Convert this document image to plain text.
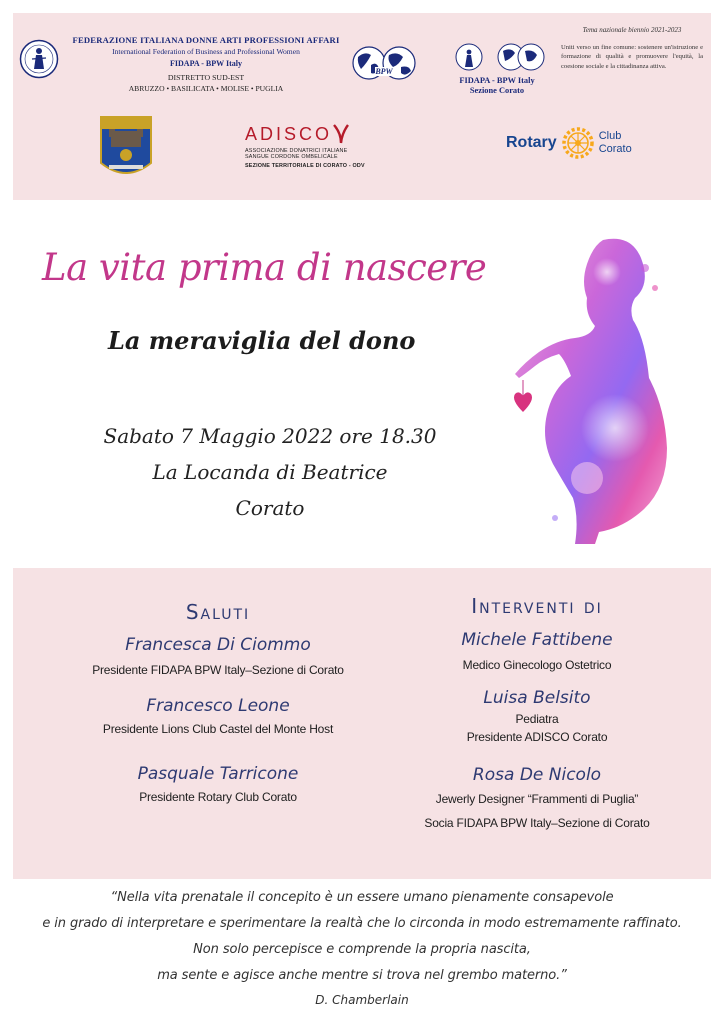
FEDERAZIONE ITALIANA DONNE ARTI PROFESSIONI AFFARI
International Federation of Business and Professional Women
FIDAPA - BPW Italy
DISTRETTO SUD-EST
ABRUZZO • BASILICATA • MOLISE • PUGLIA
BPW
FIDAPA - BPW Italy
Sezione Corato
Tema nazionale biennio 2021-2023
Uniti verso un fine comune: sostenere un'istruzione e formazione di qualità e promuovere l'equità, la coesione sociale e la cittadinanza attiva.
ADISCO
ASSOCIAZIONE DONATRICI ITALIANE
SANGUE CORDONE OMBELICALE
SEZIONE TERRITORIALE DI CORATO - ODV
Rotary	Club
Corato
La vita prima di nascere
La meraviglia del dono
Sabato 7 Maggio 2022 ore 18.30
La Locanda di Beatrice
Corato
Saluti
Francesca Di Ciommo
Presidente FIDAPA BPW Italy–Sezione di Corato
Francesco Leone
Presidente Lions Club Castel del Monte Host
Pasquale Tarricone
Presidente Rotary Club Corato
Interventi di
Michele Fattibene
Medico Ginecologo Ostetrico
Luisa Belsito
Pediatra
Presidente ADISCO Corato
Rosa De Nicolo
Jewerly Designer “Frammenti di Puglia”
Socia FIDAPA BPW Italy–Sezione di Corato
“Nella vita prenatale il concepito è un essere umano pienamente consapevole
e in grado di interpretare e sperimentare la realtà che lo circonda in modo estremamente raffinato.
Non solo percepisce e comprende la propria nascita,
ma sente e agisce anche mentre si trova nel grembo materno.”
D. Chamberlain
